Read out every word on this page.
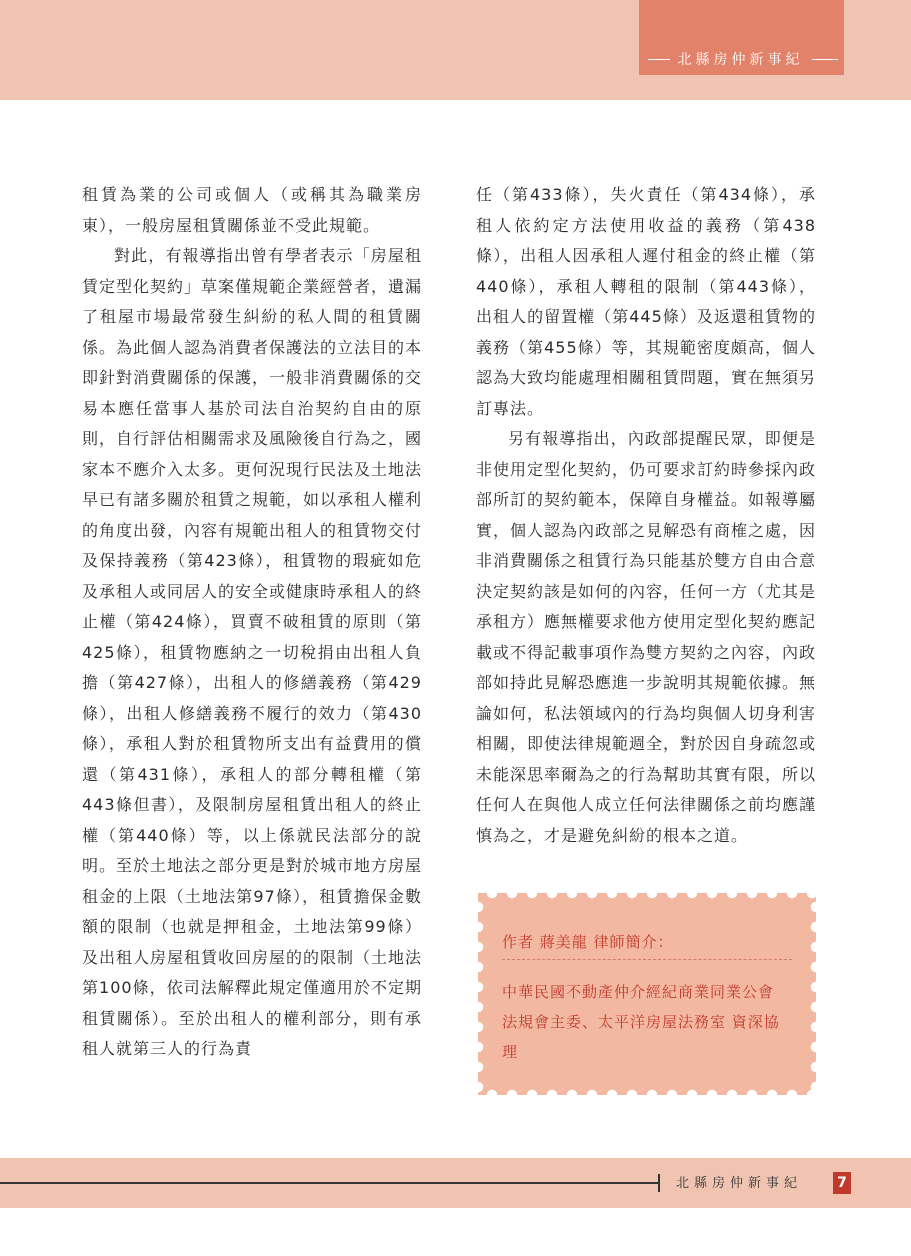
北縣房仲新事紀

租賃為業的公司或個人（或稱其為職業房東），一般房屋租賃關係並不受此規範。

對此，有報導指出曾有學者表示「房屋租賃定型化契約」草案僅規範企業經營者，遺漏了租屋市場最常發生糾紛的私人間的租賃關係。為此個人認為消費者保護法的立法目的本即針對消費關係的保護，一般非消費關係的交易本應任當事人基於司法自治契約自由的原則，自行評估相關需求及風險後自行為之，國家本不應介入太多。更何況現行民法及土地法早已有諸多關於租賃之規範，如以承租人權利的角度出發，內容有規範出租人的租賃物交付及保持義務（第423條），租賃物的瑕疵如危及承租人或同居人的安全或健康時承租人的終止權（第424條），買賣不破租賃的原則（第425條），租賃物應納之一切稅捐由出租人負擔（第427條），出租人的修繕義務（第429條），出租人修繕義務不履行的效力（第430條），承租人對於租賃物所支出有益費用的償還（第431條），承租人的部分轉租權（第443條但書），及限制房屋租賃出租人的終止權（第440條）等，以上係就民法部分的說明。至於土地法之部分更是對於城市地方房屋租金的上限（土地法第97條），租賃擔保金數額的限制（也就是押租金，土地法第99條）及出租人房屋租賃收回房屋的的限制（土地法第100條，依司法解釋此規定僅適用於不定期租賃關係）。至於出租人的權利部分，則有承租人就第三人的行為責

任（第433條），失火責任（第434條），承租人依約定方法使用收益的義務（第438條），出租人因承租人遲付租金的終止權（第440條），承租人轉租的限制（第443條），出租人的留置權（第445條）及返還租賃物的義務（第455條）等，其規範密度頗高，個人認為大致均能處理相關租賃問題，實在無須另訂專法。

另有報導指出，內政部提醒民眾，即便是非使用定型化契約，仍可要求訂約時參採內政部所訂的契約範本，保障自身權益。如報導屬實，個人認為內政部之見解恐有商榷之處，因非消費關係之租賃行為只能基於雙方自由合意決定契約該是如何的內容，任何一方（尤其是承租方）應無權要求他方使用定型化契約應記載或不得記載事項作為雙方契約之內容，內政部如持此見解恐應進一步說明其規範依據。無論如何，私法領域內的行為均與個人切身利害相關，即使法律規範週全，對於因自身疏忽或未能深思率爾為之的行為幫助其實有限，所以任何人在與他人成立任何法律關係之前均應謹慎為之，才是避免糾紛的根本之道。

作者 蔣美龍 律師簡介：
中華民國不動產仲介經紀商業同業公會 法規會主委、太平洋房屋法務室 資深協理
北縣房仲新事紀	7
